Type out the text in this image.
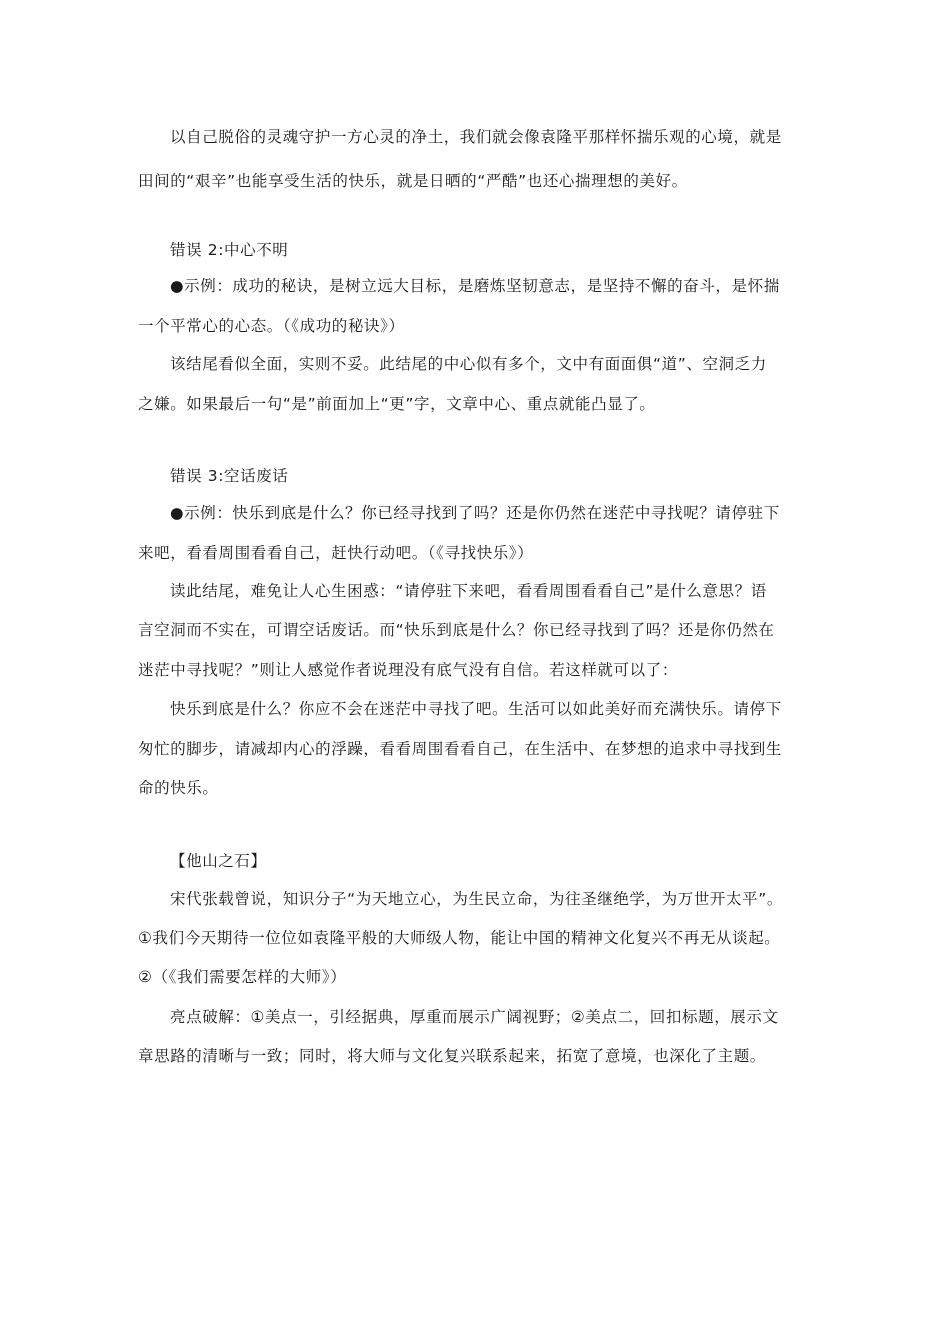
以自己脱俗的灵魂守护一方心灵的净土，我们就会像袁隆平那样怀揣乐观的心境，就是
田间的“艰辛”也能享受生活的快乐，就是日晒的“严酷”也还心揣理想的美好。
错误 2:中心不明
●示例：成功的秘诀，是树立远大目标，是磨炼坚韧意志，是坚持不懈的奋斗，是怀揣
一个平常心的心态。（《成功的秘诀》）
该结尾看似全面，实则不妥。此结尾的中心似有多个，文中有面面俱“道”、空洞乏力
之嫌。如果最后一句“是”前面加上“更”字，文章中心、重点就能凸显了。
错误 3:空话废话
●示例：快乐到底是什么？你已经寻找到了吗？还是你仍然在迷茫中寻找呢？请停驻下
来吧，看看周围看看自己，赶快行动吧。（《寻找快乐》）
读此结尾，难免让人心生困惑：“请停驻下来吧，看看周围看看自己”是什么意思？语
言空洞而不实在，可谓空话废话。而“快乐到底是什么？你已经寻找到了吗？还是你仍然在
迷茫中寻找呢？”则让人感觉作者说理没有底气没有自信。若这样就可以了：
快乐到底是什么？你应不会在迷茫中寻找了吧。生活可以如此美好而充满快乐。请停下
匆忙的脚步，请减却内心的浮躁，看看周围看看自己，在生活中、在梦想的追求中寻找到生
命的快乐。
【他山之石】
宋代张载曾说，知识分子“为天地立心，为生民立命，为往圣继绝学，为万世开太平”。
①我们今天期待一位位如袁隆平般的大师级人物，能让中国的精神文化复兴不再无从谈起。
②（《我们需要怎样的大师》）
亮点破解：①美点一，引经据典，厚重而展示广阔视野；②美点二，回扣标题，展示文
章思路的清晰与一致；同时，将大师与文化复兴联系起来，拓宽了意境，也深化了主题。
